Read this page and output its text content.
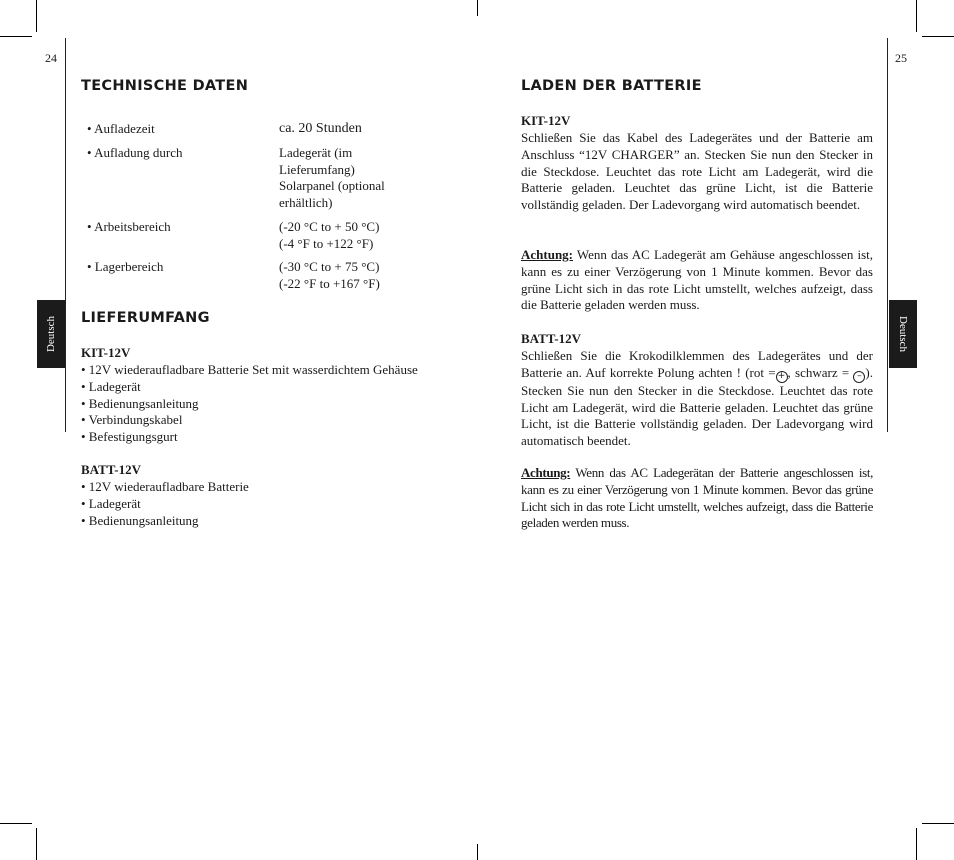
24	25
Deutsch	Deutsch
TECHNISCHE DATEN
• Aufladezeit	ca. 20 Stunden
• Aufladung durch	Ladegerät (im
Lieferumfang)
Solarpanel (optional
erhältlich)
• Arbeitsbereich	(-20 °C to + 50 °C)
(-4 °F to +122 °F)
• Lagerbereich	(-30 °C to + 75 °C)
(-22 °F to +167 °F)
LIEFERUMFANG
KIT-12V
• 12V wiederaufladbare Batterie Set mit wasserdichtem Gehäuse
• Ladegerät
• Bedienungsanleitung
• Verbindungskabel
• Befestigungsgurt
BATT-12V
• 12V wiederaufladbare Batterie
• Ladegerät
• Bedienungsanleitung
LADEN DER BATTERIE
KIT-12V

Schließen Sie das Kabel des Ladegerätes und der Batterie am Anschluss “12V CHARGER” an. Stecken Sie nun den Stecker in die Steckdose. Leuchtet das rote Licht am Ladegerät, wird die Batterie geladen. Leuchtet das grüne Licht, ist die Batterie vollständig geladen. Der Ladevorgang wird automatisch beendet.

Achtung: Wenn das AC Ladegerät am Gehäuse angeschlossen ist, kann es zu einer Verzögerung von 1 Minute kommen. Bevor das grüne Licht sich in das rote Licht umstellt, welches aufzeigt, dass die Batterie geladen werden muss.

BATT-12V

Schließen Sie die Krokodilklemmen des Ladegerätes und der Batterie an. Auf korrekte Polung achten ! (rot = + , schwarz = – ). Stecken Sie nun den Stecker in die Steckdose. Leuchtet das rote Licht am Ladegerät, wird die Batterie geladen. Leuchtet das grüne Licht, ist die Batterie vollständig geladen. Der Ladevorgang wird automatisch beendet.

Achtung: Wenn das AC Ladegerätan der Batterie angeschlossen ist, kann es zu einer Verzögerung von 1 Minute kommen. Bevor das grüne Licht sich in das rote Licht umstellt, welches aufzeigt, dass die Batterie geladen werden muss.
